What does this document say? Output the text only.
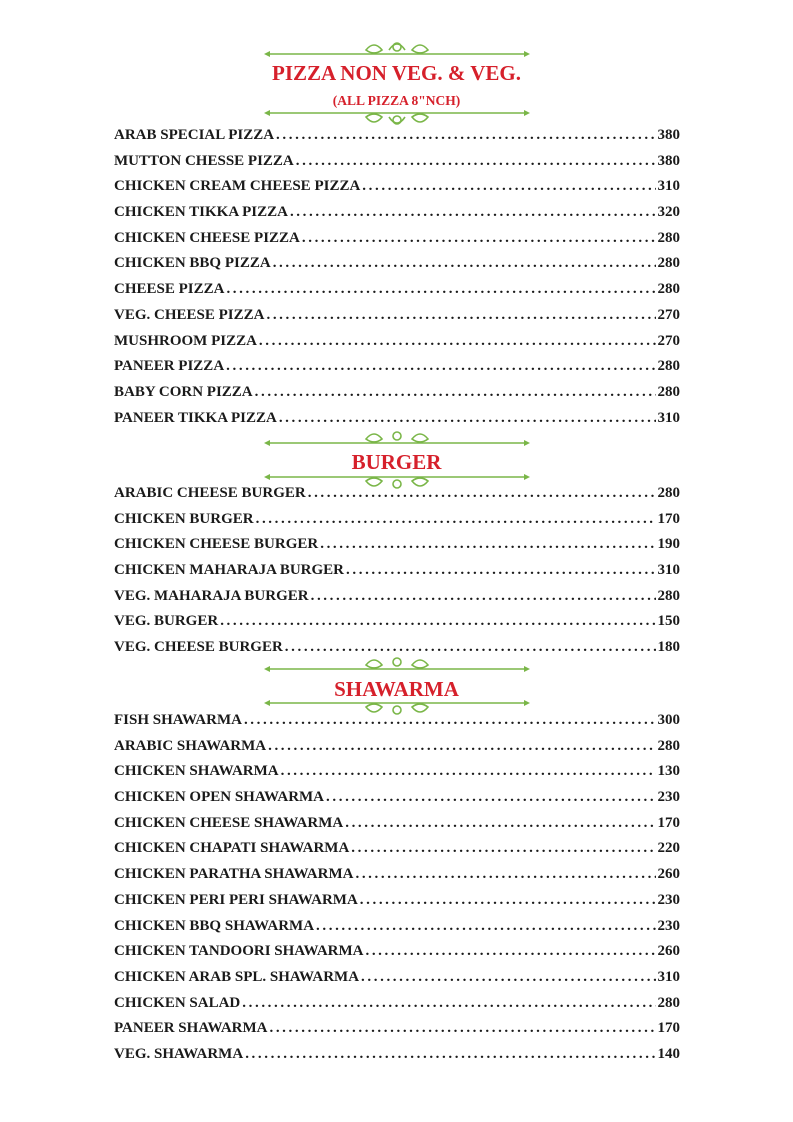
PIZZA NON VEG. & VEG.

(ALL PIZZA 8"NCH)

ARAB SPECIAL PIZZA .....	380
MUTTON CHESSE PIZZA .....	380
CHICKEN CREAM CHEESE PIZZA .....	310
CHICKEN TIKKA PIZZA .....	320
CHICKEN CHEESE PIZZA .....	280
CHICKEN BBQ PIZZA .....	280
CHEESE PIZZA .....	280
VEG. CHEESE PIZZA .....	270
MUSHROOM PIZZA .....	270
PANEER PIZZA .....	280
BABY CORN PIZZA .....	280
PANEER TIKKA PIZZA .....	310
BURGER
ARABIC CHEESE BURGER .....	280
CHICKEN BURGER .....	170
CHICKEN CHEESE BURGER .....	190
CHICKEN MAHARAJA BURGER .....	310
VEG. MAHARAJA BURGER .....	280
VEG. BURGER .....	150
VEG. CHEESE BURGER .....	180
SHAWARMA
FISH SHAWARMA .....	300
ARABIC SHAWARMA .....	280
CHICKEN SHAWARMA .....	130
CHICKEN OPEN SHAWARMA .....	230
CHICKEN CHEESE SHAWARMA .....	170
CHICKEN CHAPATI SHAWARMA .....	220
CHICKEN PARATHA SHAWARMA .....	260
CHICKEN PERI PERI SHAWARMA .....	230
CHICKEN BBQ SHAWARMA .....	230
CHICKEN TANDOORI SHAWARMA .....	260
CHICKEN ARAB SPL. SHAWARMA .....	310
CHICKEN SALAD .....	280
PANEER SHAWARMA .....	170
VEG. SHAWARMA .....	140
